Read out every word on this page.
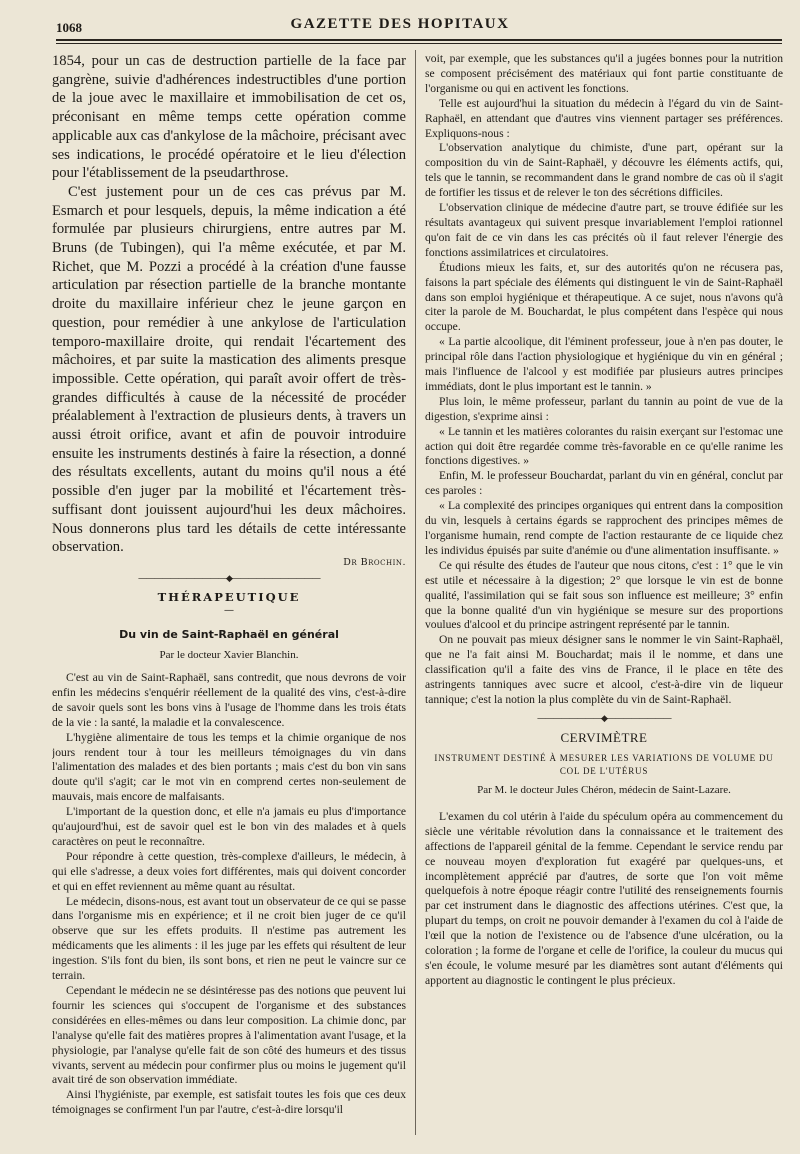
1068	GAZETTE DES HOPITAUX

1854, pour un cas de destruction partielle de la face par gangrène, suivie d'adhérences indestructibles d'une portion de la joue avec le maxillaire et immobilisation de cet os, préconisant en même temps cette opération comme applicable aux cas d'ankylose de la mâchoire, précisant avec ses indications, le procédé opératoire et le lieu d'élection pour l'établissement de la pseudarthrose.

C'est justement pour un de ces cas prévus par M. Esmarch et pour lesquels, depuis, la même indication a été formulée par plusieurs chirurgiens, entre autres par M. Bruns (de Tubingen), qui l'a même exécutée, et par M. Richet, que M. Pozzi a procédé à la création d'une fausse articulation par résection partielle de la branche montante droite du maxillaire inférieur chez le jeune garçon en question, pour remédier à une ankylose de l'articulation temporo-maxillaire droite, qui rendait l'écartement des mâchoires, et par suite la mastication des aliments presque impossible. Cette opération, qui paraît avoir offert de très-grandes difficultés à cause de la nécessité de procéder préalablement à l'extraction de plusieurs dents, à travers un aussi étroit orifice, avant et afin de pouvoir introduire ensuite les instruments destinés à faire la résection, a donné des résultats excellents, autant du moins qu'il nous a été possible d'en juger par la mobilité et l'écartement très-suffisant dont jouissent aujourd'hui les deux mâchoires. Nous donnerons plus tard les détails de cette intéressante observation.

Dr Brochin.
———————————◆———————————
THÉRAPEUTIQUE
—
Du vin de Saint-Raphaël en général
Par le docteur Xavier Blanchin.

C'est au vin de Saint-Raphaël, sans contredit, que nous devrons de voir enfin les médecins s'enquérir réellement de la qualité des vins, c'est-à-dire de savoir quels sont les bons vins à l'usage de l'homme dans les trois états de la vie : la santé, la maladie et la convalescence.

L'hygiène alimentaire de tous les temps et la chimie organique de nos jours rendent tour à tour les meilleurs témoignages du vin dans l'alimentation des malades et des bien portants ; mais c'est du bon vin sans doute qu'il s'agit; car le mot vin en comprend certes non-seulement de mauvais, mais encore de malfaisants.

L'important de la question donc, et elle n'a jamais eu plus d'importance qu'aujourd'hui, est de savoir quel est le bon vin des malades et à quels caractères on peut le reconnaître.

Pour répondre à cette question, très-complexe d'ailleurs, le médecin, à qui elle s'adresse, a deux voies fort différentes, mais qui doivent concorder et qui en effet reviennent au même quant au résultat.

Le médecin, disons-nous, est avant tout un observateur de ce qui se passe dans l'organisme mis en expérience; et il ne croit bien juger de ce qu'il observe que sur les effets produits. Il n'estime pas autrement les médicaments que les aliments : il les juge par les effets qui résultent de leur ingestion. S'ils font du bien, ils sont bons, et rien ne peut le vaincre sur ce terrain.

Cependant le médecin ne se désintéresse pas des notions que peuvent lui fournir les sciences qui s'occupent de l'organisme et des substances considérées en elles-mêmes ou dans leur composition. La chimie donc, par l'analyse qu'elle fait des matières propres à l'alimentation avant l'usage, et la physiologie, par l'analyse qu'elle fait de son côté des humeurs et des tissus vivants, servent au médecin pour confirmer plus ou moins le jugement qu'il avait tiré de son observation immédiate.

Ainsi l'hygiéniste, par exemple, est satisfait toutes les fois que ces deux témoignages se confirment l'un par l'autre, c'est-à-dire lorsqu'il

voit, par exemple, que les substances qu'il a jugées bonnes pour la nutrition se composent précisément des matériaux qui font partie constituante de l'organisme ou qui en activent les fonctions.

Telle est aujourd'hui la situation du médecin à l'égard du vin de Saint-Raphaël, en attendant que d'autres vins viennent partager ses préférences. Expliquons-nous :

L'observation analytique du chimiste, d'une part, opérant sur la composition du vin de Saint-Raphaël, y découvre les éléments actifs, qui, tels que le tannin, se recommandent dans le grand nombre de cas où il s'agit de fortifier les tissus et de relever le ton des sécrétions difficiles.

L'observation clinique de médecine d'autre part, se trouve édifiée sur les résultats avantageux qui suivent presque invariablement l'emploi rationnel qu'on fait de ce vin dans les cas précités où il faut relever l'énergie des fonctions assimilatrices et circulatoires.

Étudions mieux les faits, et, sur des autorités qu'on ne récusera pas, faisons la part spéciale des éléments qui distinguent le vin de Saint-Raphaël dans son emploi hygiénique et thérapeutique. A ce sujet, nous n'avons qu'à citer la parole de M. Bouchardat, le plus compétent dans l'espèce qui nous occupe.

« La partie alcoolique, dit l'éminent professeur, joue à n'en pas douter, le principal rôle dans l'action physiologique et hygiénique du vin en général ; mais l'influence de l'alcool y est modifiée par plusieurs autres principes immédiats, dont le plus important est le tannin. »

Plus loin, le même professeur, parlant du tannin au point de vue de la digestion, s'exprime ainsi :

« Le tannin et les matières colorantes du raisin exerçant sur l'estomac une action qui doit être regardée comme très-favorable en ce qu'elle ranime les fonctions digestives. »

Enfin, M. le professeur Bouchardat, parlant du vin en général, conclut par ces paroles :

« La complexité des principes organiques qui entrent dans la composition du vin, lesquels à certains égards se rapprochent des principes mêmes de l'organisme humain, rend compte de l'action restaurante de ce liquide chez les individus épuisés par suite d'anémie ou d'une alimentation insuffisante. »

Ce qui résulte des études de l'auteur que nous citons, c'est : 1° que le vin est utile et nécessaire à la digestion; 2° que lorsque le vin est de bonne qualité, l'assimilation qui se fait sous son influence est meilleure; 3° enfin que la bonne qualité d'un vin hygiénique se mesure sur des proportions voulues d'alcool et du principe astringent représenté par le tannin.

On ne pouvait pas mieux désigner sans le nommer le vin Saint-Raphaël, que ne l'a fait ainsi M. Bouchardat; mais il le nomme, et dans une classification qu'il a faite des vins de France, il le place en tête des astringents tanniques avec sucre et alcool, c'est-à-dire vin de liqueur tannique; c'est la notion la plus complète du vin de Saint-Raphaël.

————————◆————————
CERVIMÈTRE
INSTRUMENT DESTINÉ À MESURER LES VARIATIONS DE VOLUME DU COL DE L'UTÉRUS
Par M. le docteur Jules Chéron, médecin de Saint-Lazare.

L'examen du col utérin à l'aide du spéculum opéra au commencement du siècle une véritable révolution dans la connaissance et le traitement des affections de l'appareil génital de la femme. Cependant le service rendu par ce nouveau moyen d'exploration fut exagéré par quelques-uns, et incomplètement apprécié par d'autres, de sorte que l'on voit même quelquefois à notre époque réagir contre l'utilité des renseignements fournis par cet instrument dans le diagnostic des affections utérines. C'est que, la plupart du temps, on croit ne pouvoir demander à l'examen du col à l'aide de l'œil que la notion de l'existence ou de l'absence d'une ulcération, ou la coloration ; la forme de l'organe et celle de l'orifice, la couleur du mucus qui s'en écoule, le volume mesuré par les diamètres sont autant d'éléments qui apportent au diagnostic le contingent le plus précieux.
